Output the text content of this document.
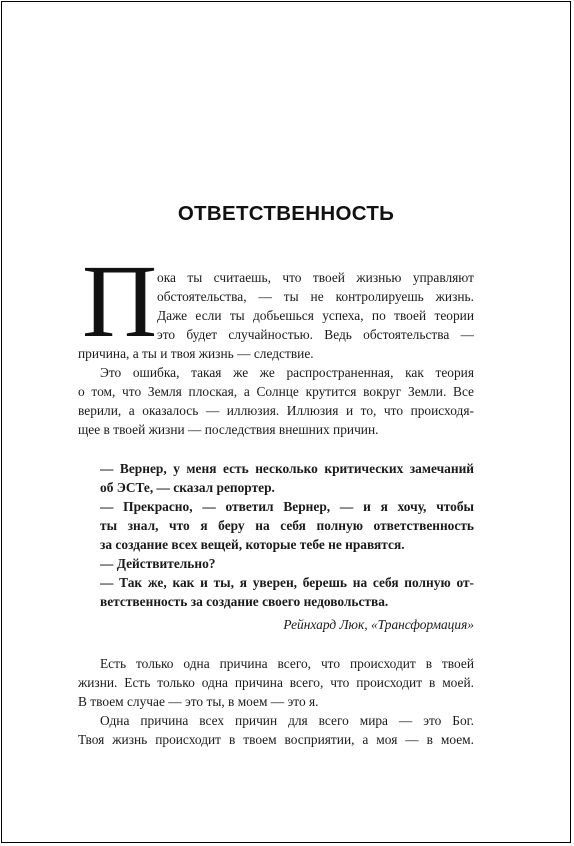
ОТВЕТСТВЕННОСТЬ
П ока ты считаешь, что твоей жизнью управляют
обстоятельства, — ты не контролируешь жизнь.
Даже если ты добьешься успеха, по твоей теории
это будет случайностью. Ведь обстоятельства —
причина, а ты и твоя жизнь — следствие.
Это ошибка, такая же же распространенная, как теория
о том, что Земля плоская, а Солнце крутится вокруг Земли. Все
верили, а оказалось — иллюзия. Иллюзия и то, что происходя-
щее в твоей жизни — последствия внешних причин.
— Вернер, у меня есть несколько критических замечаний
об ЭСТе, — сказал репортер.
— Прекрасно, — ответил Вернер, — и я хочу, чтобы
ты знал, что я беру на себя полную ответственность
за создание всех вещей, которые тебе не нравятся.
— Действительно?
— Так же, как и ты, я уверен, берешь на себя полную от-
ветственность за создание своего недовольства.
Рейнхард Люк, «Трансформация»
Есть только одна причина всего, что происходит в твоей
жизни. Есть только одна причина всего, что происходит в моей.
В твоем случае — это ты, в моем — это я.
Одна причина всех причин для всего мира — это Бог.
Твоя жизнь происходит в твоем восприятии, а моя — в моем.
